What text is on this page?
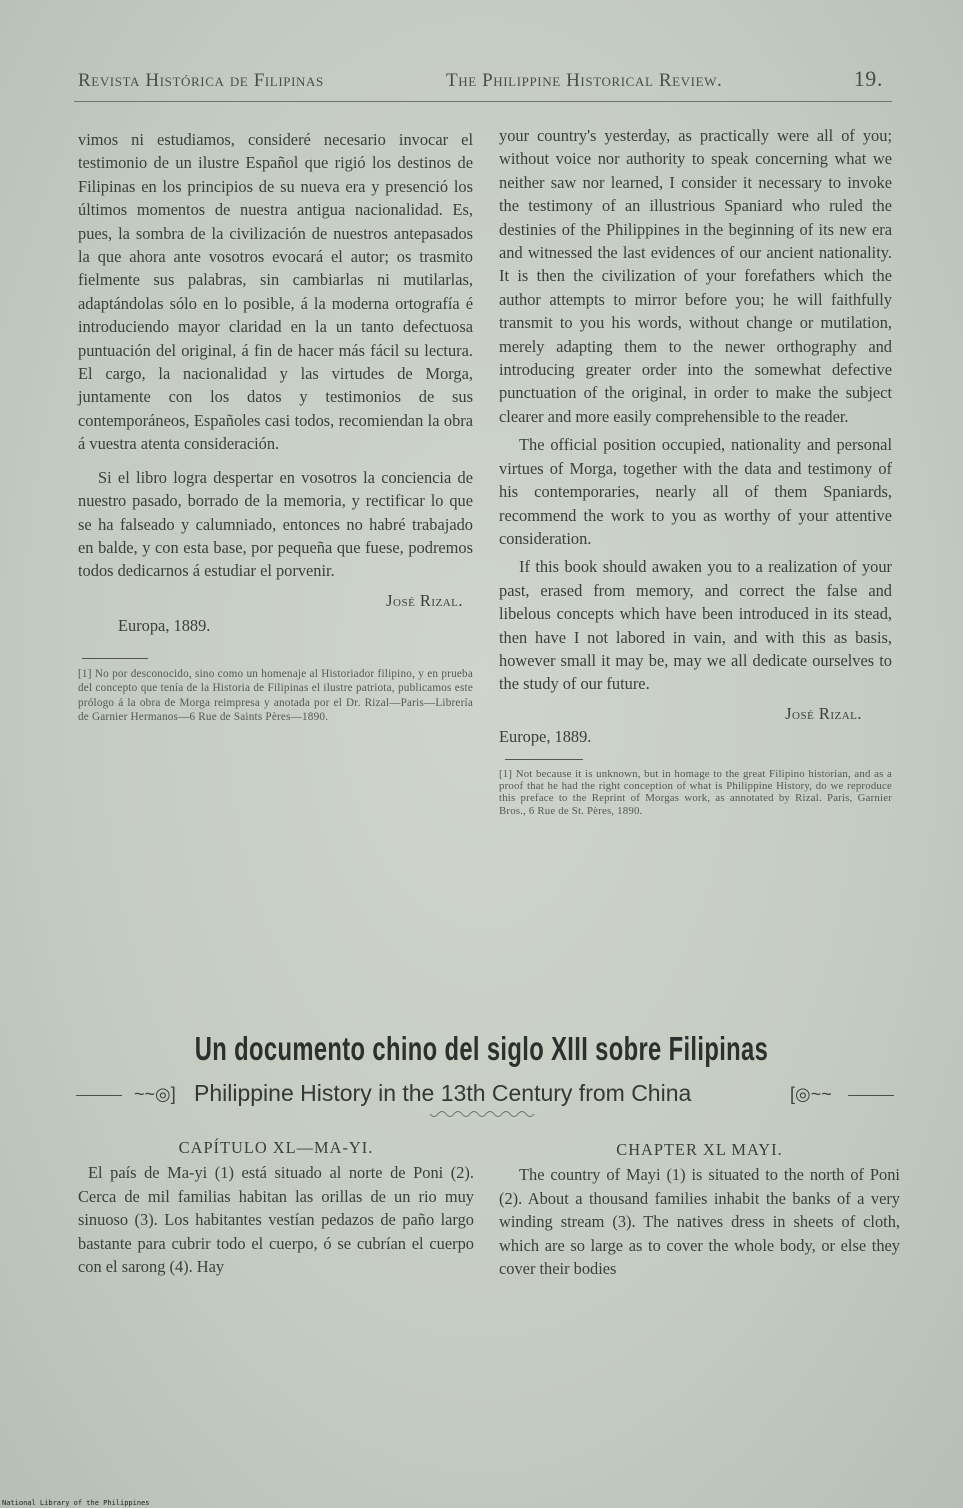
Revista Histórica de Filipinas	The Philippine Historical Review.	19.

vimos ni estudiamos, consideré necesario invocar el testimonio de un ilustre Español que rigió los destinos de Filipinas en los principios de su nueva era y presenció los últimos momentos de nuestra antigua nacionalidad. Es, pues, la sombra de la civilización de nuestros antepasados la que ahora ante vosotros evocará el autor; os trasmito fielmente sus palabras, sin cambiarlas ni mutilarlas, adaptándolas sólo en lo posible, á la moderna ortografía é introduciendo mayor claridad en la un tanto defectuosa puntuación del original, á fin de hacer más fácil su lectura. El cargo, la nacionalidad y las virtudes de Morga, juntamente con los datos y testimonios de sus contemporáneos, Españoles casi todos, recomiendan la obra á vuestra atenta consideración.

Si el libro logra despertar en vosotros la conciencia de nuestro pasado, borrado de la memoria, y rectificar lo que se ha falseado y calumniado, entonces no habré trabajado en balde, y con esta base, por pequeña que fuese, podremos todos dedicarnos á estudiar el porvenir.

José Rizal.

Europa, 1889.

[1] No por desconocido, sino como un homenaje al Historiador filipino, y en prueba del concepto que tenía de la Historia de Filipinas el ilustre patriota, publicamos este prólogo á la obra de Morga reimpresa y anotada por el Dr. Rizal—Paris—Librería de Garnier Hermanos—6 Rue de Saints Pères—1890.

your country's yesterday, as practically were all of you; without voice nor authority to speak concerning what we neither saw nor learned, I consider it necessary to invoke the testimony of an illustrious Spaniard who ruled the destinies of the Philippines in the beginning of its new era and witnessed the last evidences of our ancient nationality. It is then the civilization of your forefathers which the author attempts to mirror before you; he will faithfully transmit to you his words, without change or mutilation, merely adapting them to the newer orthography and introducing greater order into the somewhat defective punctuation of the original, in order to make the subject clearer and more easily comprehensible to the reader.

The official position occupied, nationality and personal virtues of Morga, together with the data and testimony of his contemporaries, nearly all of them Spaniards, recommend the work to you as worthy of your attentive consideration.

If this book should awaken you to a realization of your past, erased from memory, and correct the false and libelous concepts which have been introduced in its stead, then have I not labored in vain, and with this as basis, however small it may be, may we all dedicate ourselves to the study of our future.

José Rizal.

Europe, 1889.

[1] Not because it is unknown, but in homage to the great Filipino historian, and as a proof that he had the right conception of what is Philippine History, do we reproduce this preface to the Reprint of Morgas work, as annotated by Rizal. Paris, Garnier Bros., 6 Rue de St. Pères, 1890.

Un documento chino del siglo XIII sobre Filipinas
~~◎] Philippine History in the 13th Century from China	[◎~~

CAPÍTULO XL—MA-YI.

El país de Ma-yi (1) está situado al norte de Poni (2). Cerca de mil familias habitan las orillas de un rio muy sinuoso (3). Los habitantes vestían pedazos de paño largo bastante para cubrir todo el cuerpo, ó se cubrían el cuerpo con el sarong (4). Hay

CHAPTER XL MAYI.

The country of Mayi (1) is situated to the north of Poni (2). About a thousand families inhabit the banks of a very winding stream (3). The natives dress in sheets of cloth, which are so large as to cover the whole body, or else they cover their bodies

National Library of the Philippines
